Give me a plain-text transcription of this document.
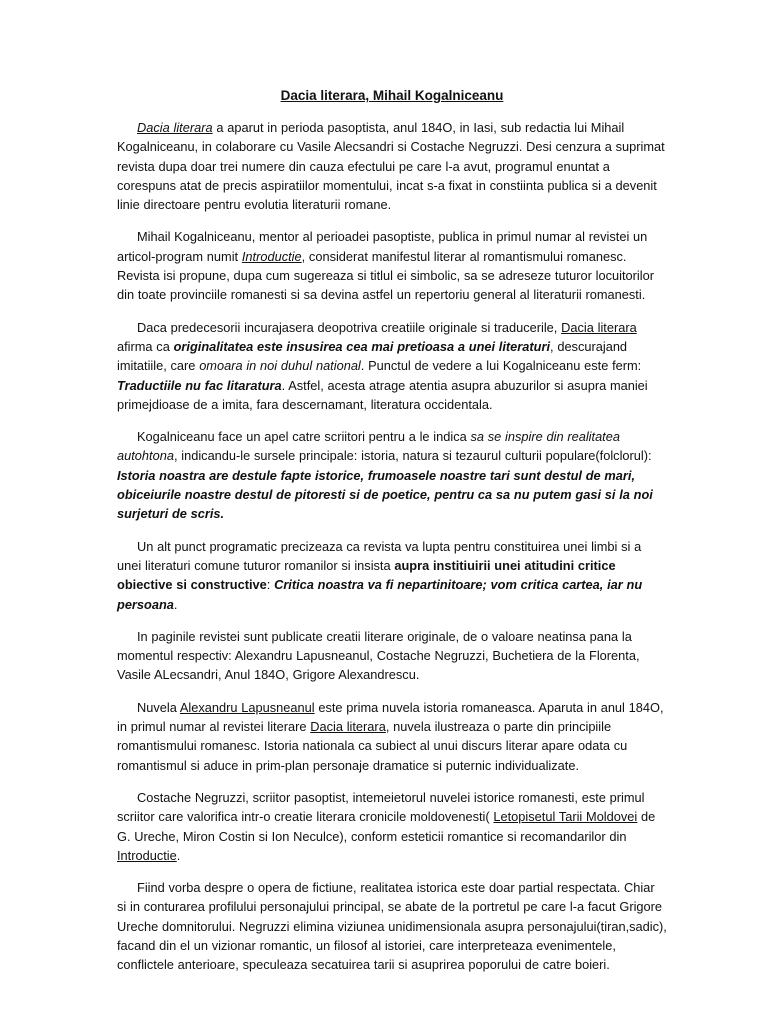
Dacia literara, Mihail Kogalniceanu

Dacia literara a aparut in perioda pasoptista, anul 184O, in Iasi, sub redactia lui Mihail Kogalniceanu, in colaborare cu Vasile Alecsandri si Costache Negruzzi. Desi cenzura a suprimat revista dupa doar trei numere din cauza efectului pe care l-a avut, programul enuntat a corespuns atat de precis aspiratiilor momentului, incat s-a fixat in constiinta publica si a devenit linie directoare pentru evolutia literaturii romane.

Mihail Kogalniceanu, mentor al perioadei pasoptiste, publica in primul numar al revistei un articol-program numit Introductie, considerat manifestul literar al romantismului romanesc. Revista isi propune, dupa cum sugereaza si titlul ei simbolic, sa se adreseze tuturor locuitorilor din toate provinciile romanesti si sa devina astfel un repertoriu general al literaturii romanesti.

Daca predecesorii incurajasera deopotriva creatiile originale si traducerile, Dacia literara afirma ca originalitatea este insusirea cea mai pretioasa a unei literaturi, descurajand imitatiile, care omoara in noi duhul national. Punctul de vedere a lui Kogalniceanu este ferm: Traductiile nu fac litaratura. Astfel, acesta atrage atentia asupra abuzurilor si asupra maniei primejdioase de a imita, fara descernamant, literatura occidentala.

Kogalniceanu face un apel catre scriitori pentru a le indica sa se inspire din realitatea autohtona, indicandu-le sursele principale: istoria, natura si tezaurul culturii populare(folclorul): Istoria noastra are destule fapte istorice, frumoasele noastre tari sunt destul de mari, obiceiurile noastre destul de pitoresti si de poetice, pentru ca sa nu putem gasi si la noi surjeturi de scris.

Un alt punct programatic precizeaza ca revista va lupta pentru constituirea unei limbi si a unei literaturi comune tuturor romanilor si insista aupra institiuirii unei atitudini critice obiective si constructive: Critica noastra va fi nepartinitoare; vom critica cartea, iar nu persoana.

In paginile revistei sunt publicate creatii literare originale, de o valoare neatinsa pana la momentul respectiv: Alexandru Lapusneanul, Costache Negruzzi, Buchetiera de la Florenta, Vasile ALecsandri, Anul 184O, Grigore Alexandrescu.

Nuvela Alexandru Lapusneanul este prima nuvela istoria romaneasca. Aparuta in anul 184O, in primul numar al revistei literare Dacia literara, nuvela ilustreaza o parte din principiile romantismului romanesc. Istoria nationala ca subiect al unui discurs literar apare odata cu romantismul si aduce in prim-plan personaje dramatice si puternic individualizate.

Costache Negruzzi, scriitor pasoptist, intemeietorul nuvelei istorice romanesti, este primul scriitor care valorifica intr-o creatie literara cronicile moldovenesti( Letopisetul Tarii Moldovei de G. Ureche, Miron Costin si Ion Neculce), conform esteticii romantice si recomandarilor din Introductie.

Fiind vorba despre o opera de fictiune, realitatea istorica este doar partial respectata. Chiar si in conturarea profilului personajului principal, se abate de la portretul pe care l-a facut Grigore Ureche domnitorului. Negruzzi elimina viziunea unidimensionala asupra personajului(tiran,sadic), facand din el un vizionar romantic, un filosof al istoriei, care interpreteaza evenimentele, conflictele anterioare, speculeaza secatuirea tarii si asuprirea poporului de catre boieri.
